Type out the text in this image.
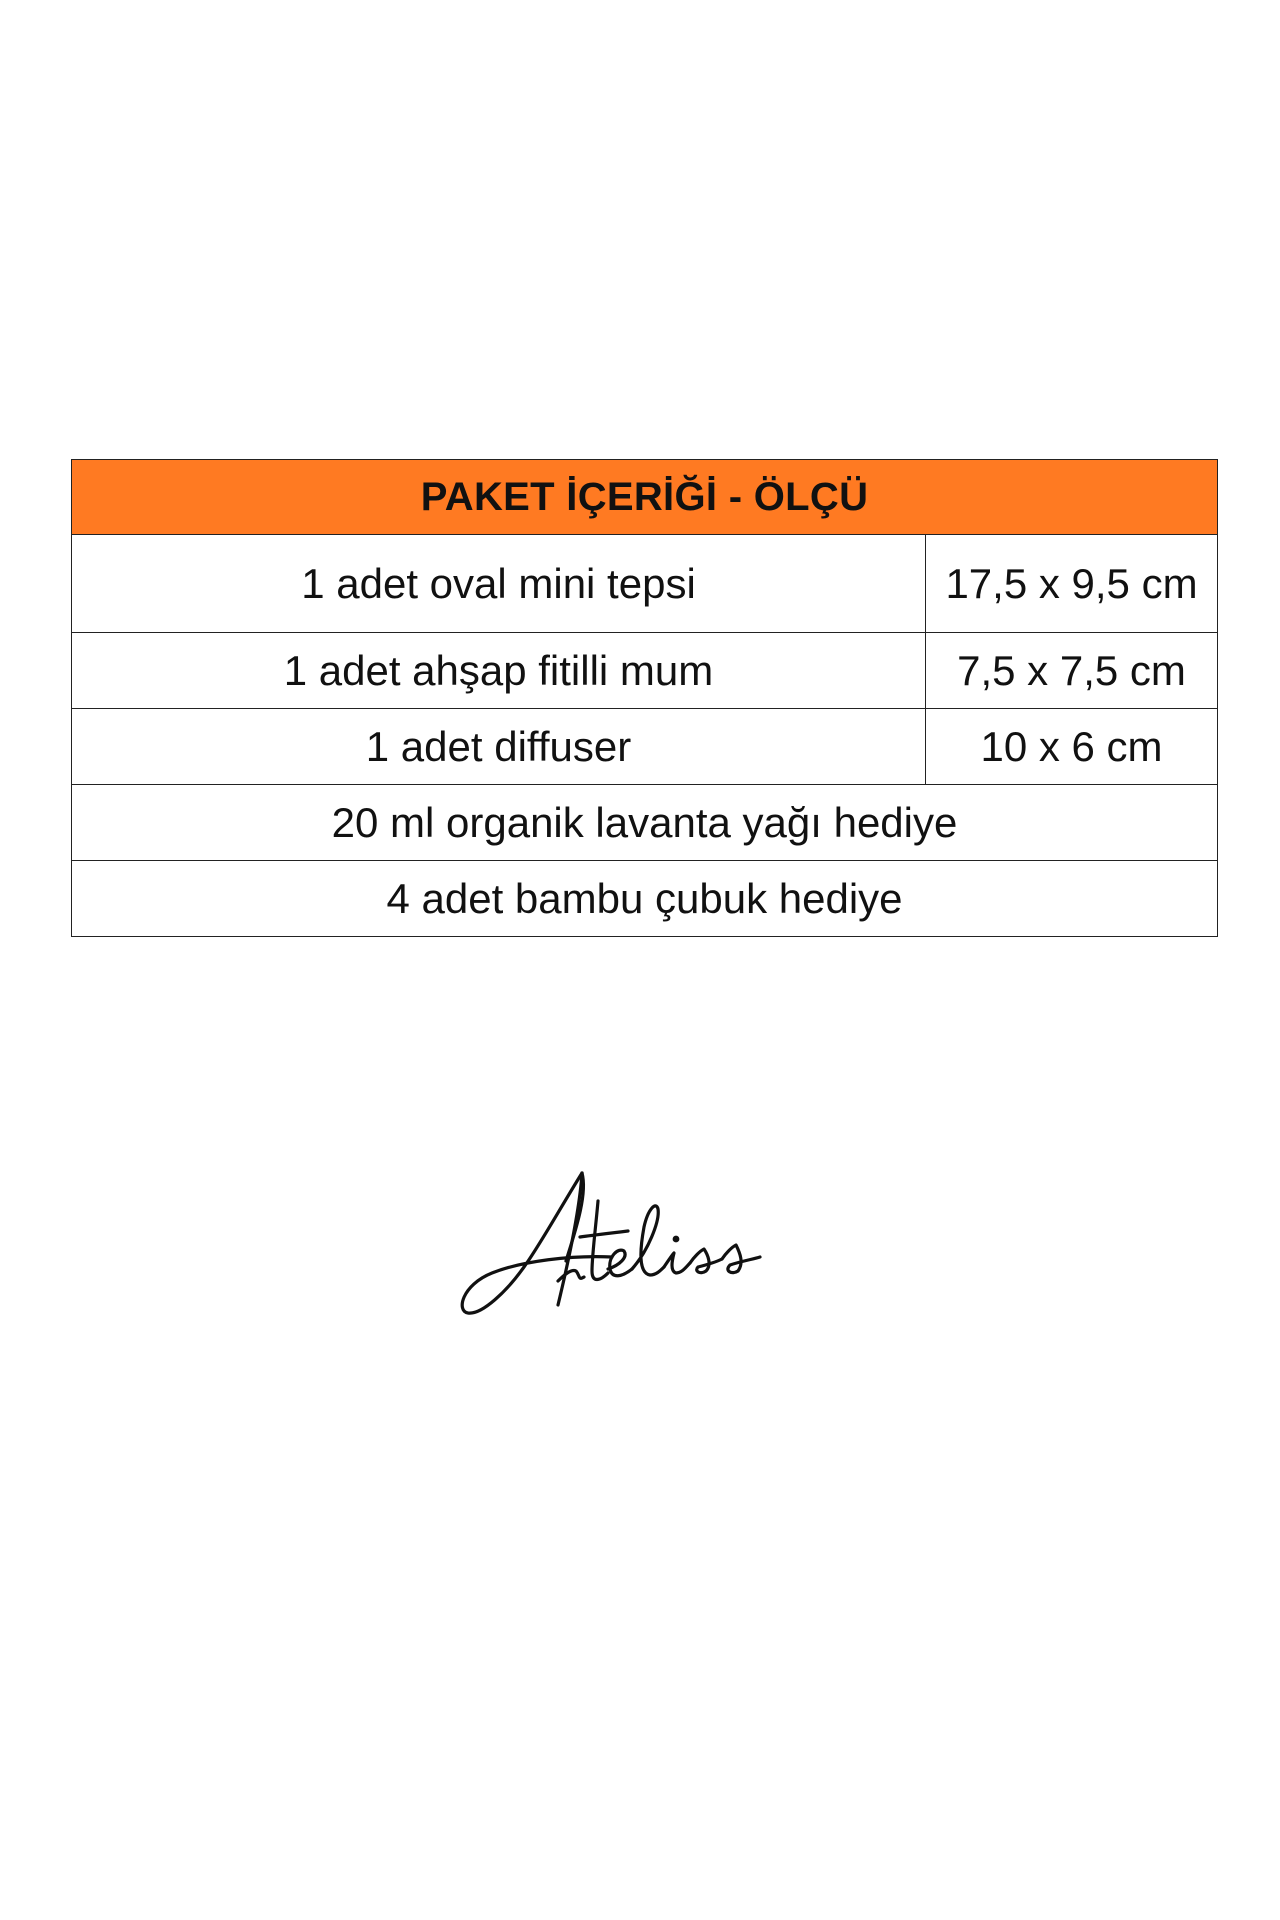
PAKET İÇERİĞİ - ÖLÇÜ	
1 adet oval mini tepsi	17,5 x 9,5 cm
1 adet ahşap fitilli mum	7,5 x 7,5 cm
1 adet diffuser	10 x 6 cm
20 ml organik lavanta yağı hediye	
4 adet bambu çubuk hediye	
